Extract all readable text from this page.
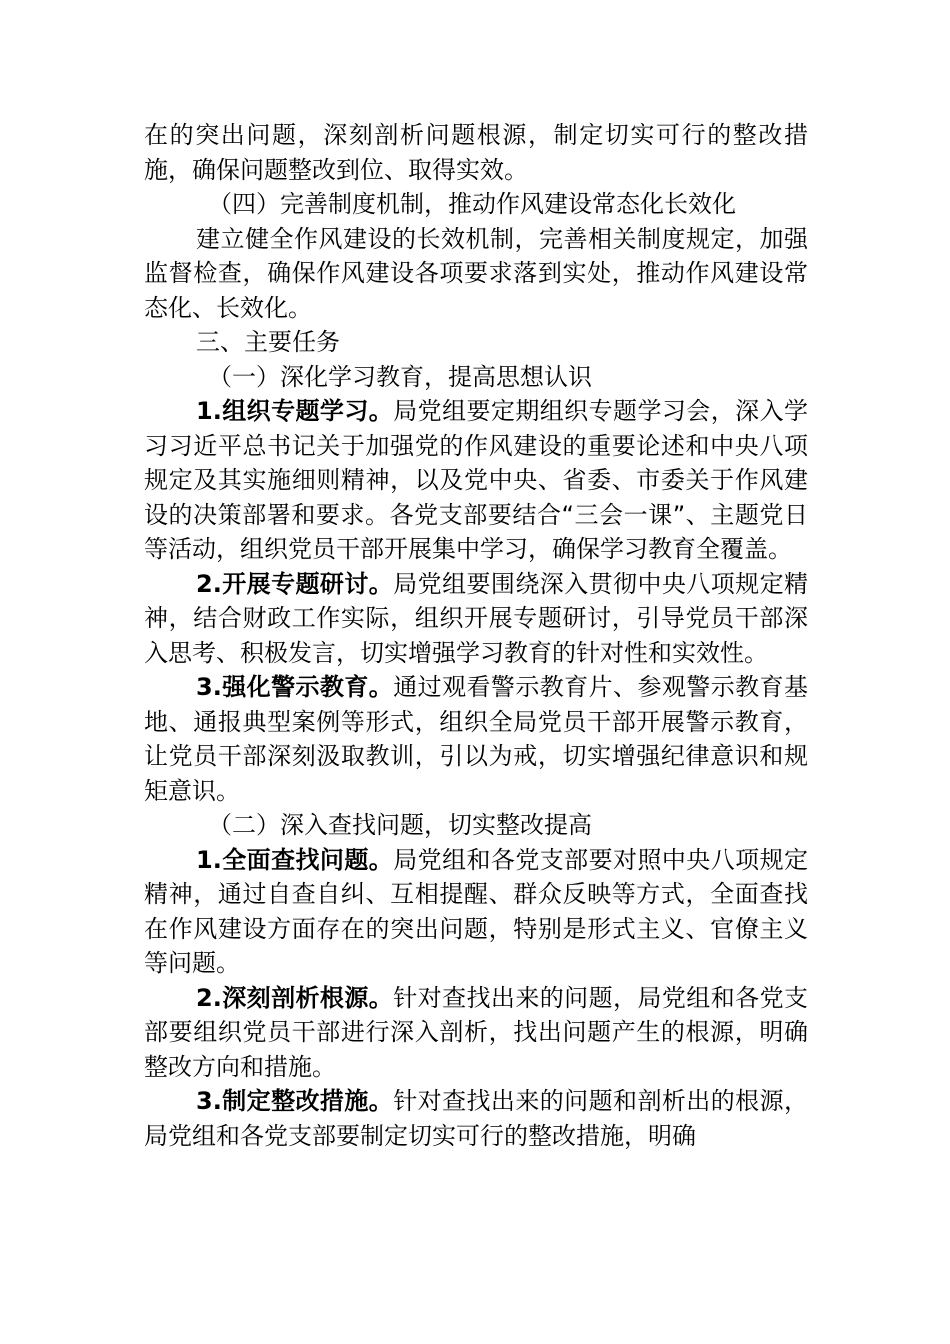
在的突出问题，深刻剖析问题根源，制定切实可行的整改措施，确保问题整改到位、取得实效。

（四）完善制度机制，推动作风建设常态化长效化

建立健全作风建设的长效机制，完善相关制度规定，加强监督检查，确保作风建设各项要求落到实处，推动作风建设常态化、长效化。

三、主要任务

（一）深化学习教育，提高思想认识

1.组织专题学习。局党组要定期组织专题学习会，深入学习习近平总书记关于加强党的作风建设的重要论述和中央八项规定及其实施细则精神，以及党中央、省委、市委关于作风建设的决策部署和要求。各党支部要结合“三会一课”、主题党日等活动，组织党员干部开展集中学习，确保学习教育全覆盖。

2.开展专题研讨。局党组要围绕深入贯彻中央八项规定精神，结合财政工作实际，组织开展专题研讨，引导党员干部深入思考、积极发言，切实增强学习教育的针对性和实效性。

3.强化警示教育。通过观看警示教育片、参观警示教育基地、通报典型案例等形式，组织全局党员干部开展警示教育，让党员干部深刻汲取教训，引以为戒，切实增强纪律意识和规矩意识。

（二）深入查找问题，切实整改提高

1.全面查找问题。局党组和各党支部要对照中央八项规定精神，通过自查自纠、互相提醒、群众反映等方式，全面查找在作风建设方面存在的突出问题，特别是形式主义、官僚主义等问题。

2.深刻剖析根源。针对查找出来的问题，局党组和各党支部要组织党员干部进行深入剖析，找出问题产生的根源，明确整改方向和措施。

3.制定整改措施。针对查找出来的问题和剖析出的根源，局党组和各党支部要制定切实可行的整改措施，明确
